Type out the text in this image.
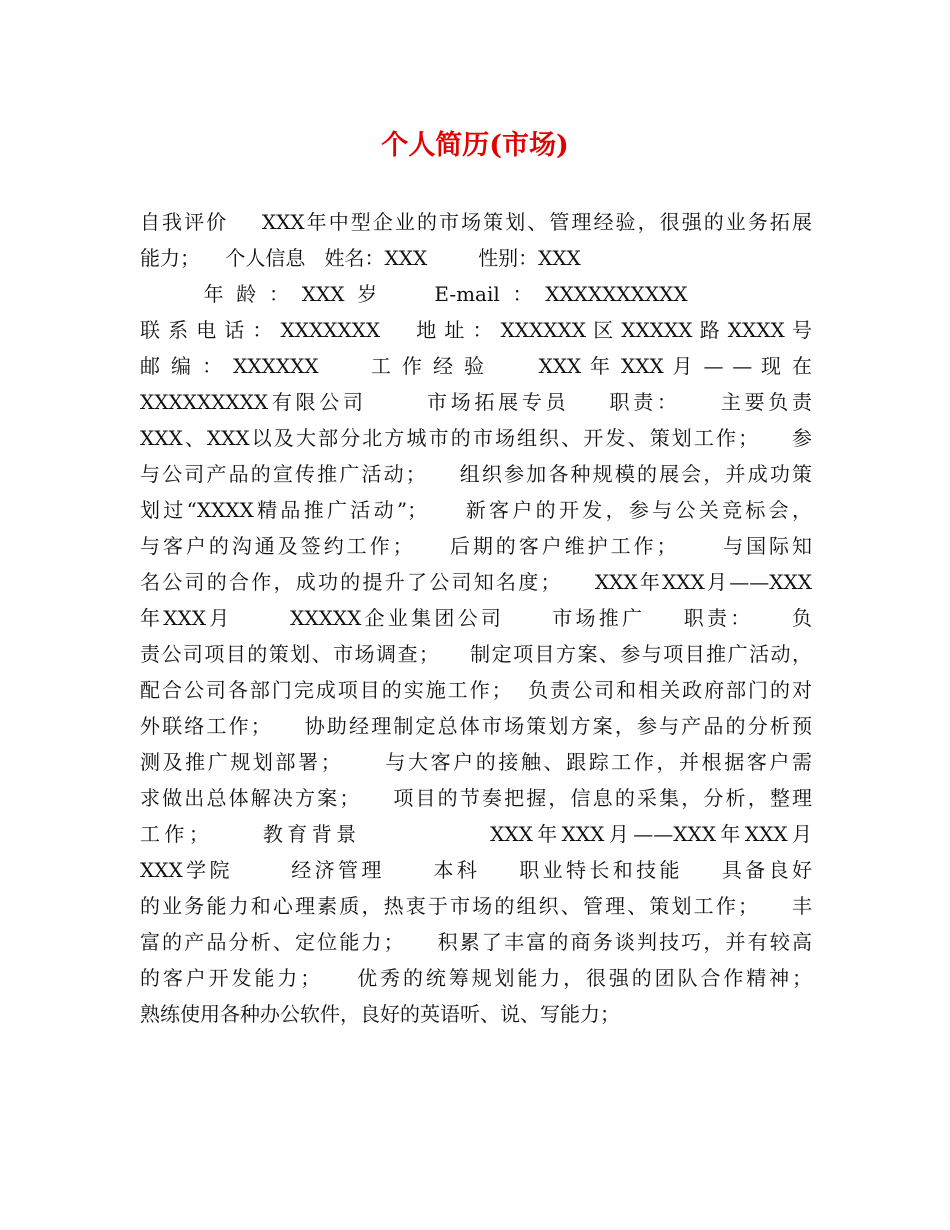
个人简历(市场)
自我评价    XXX年中型企业的市场策划、管理经验，很强的业务拓展
能力；    个人信息   姓名：XXX        性别：XXX
年  龄  ：  XXX  岁         E-mail  ：  XXXXXXXXXX
联 系 电 话 ： XXXXXXX     地 址 ： XXXXXX 区 XXXXX 路 XXXX 号
邮 编 ： XXXXXX      工 作 经 验      XXX 年 XXX 月 — — 现 在
XXXXXXXXX有限公司      市场拓展专员    职责：    主要负责
XXX、XXX以及大部分北方城市的市场组织、开发、策划工作；    参
与公司产品的宣传推广活动；    组织参加各种规模的展会，并成功策
划过“XXXX精品推广活动”；    新客户的开发，参与公关竞标会，
与客户的沟通及签约工作；    后期的客户维护工作；     与国际知
名公司的合作，成功的提升了公司知名度；    XXX年XXX月——XXX
年XXX月      XXXXX企业集团公司     市场推广    职责：    负
责公司项目的策划、市场调查；    制定项目方案、参与项目推广活动，
配合公司各部门完成项目的实施工作；  负责公司和相关政府部门的对
外联络工作；    协助经理制定总体市场策划方案，参与产品的分析预
测及推广规划部署；     与大客户的接触、跟踪工作，并根据客户需
求做出总体解决方案；    项目的节奏把握，信息的采集，分析，整理
工作；     教育背景            XXX年XXX月——XXX年XXX月
XXX学院      经济管理     本科    职业特长和技能    具备良好
的业务能力和心理素质，热衷于市场的组织、管理、策划工作；    丰
富的产品分析、定位能力；    积累了丰富的商务谈判技巧，并有较高
的客户开发能力；    优秀的统筹规划能力，很强的团队合作精神；
熟练使用各种办公软件，良好的英语听、说、写能力；
